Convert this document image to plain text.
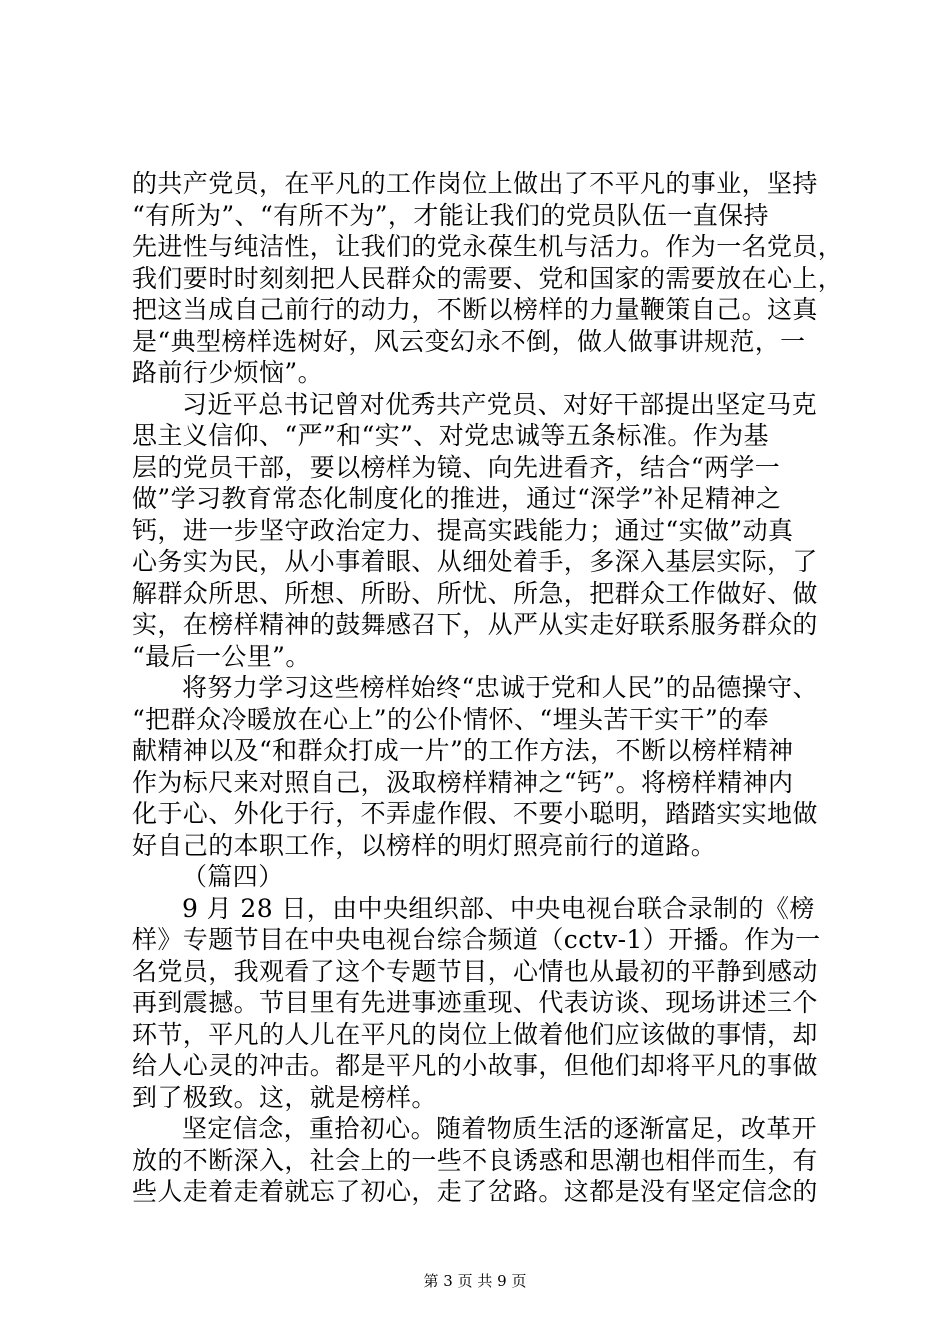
的共产党员，在平凡的工作岗位上做出了不平凡的事业，坚持
“有所为”、“有所不为”，才能让我们的党员队伍一直保持
先进性与纯洁性，让我们的党永葆生机与活力。作为一名党员，
我们要时时刻刻把人民群众的需要、党和国家的需要放在心上，
把这当成自己前行的动力，不断以榜样的力量鞭策自己。这真
是“典型榜样选树好，风云变幻永不倒，做人做事讲规范，一
路前行少烦恼”。
习近平总书记曾对优秀共产党员、对好干部提出坚定马克
思主义信仰、“严”和“实”、对党忠诚等五条标准。作为基
层的党员干部，要以榜样为镜、向先进看齐，结合“两学一
做”学习教育常态化制度化的推进，通过“深学”补足精神之
钙，进一步坚守政治定力、提高实践能力；通过“实做”动真
心务实为民，从小事着眼、从细处着手，多深入基层实际，了
解群众所思、所想、所盼、所忧、所急，把群众工作做好、做
实，在榜样精神的鼓舞感召下，从严从实走好联系服务群众的
“最后一公里”。
将努力学习这些榜样始终“忠诚于党和人民”的品德操守、
“把群众冷暖放在心上”的公仆情怀、“埋头苦干实干”的奉
献精神以及“和群众打成一片”的工作方法，不断以榜样精神
作为标尺来对照自己，汲取榜样精神之“钙”。将榜样精神内
化于心、外化于行，不弄虚作假、不要小聪明，踏踏实实地做
好自己的本职工作，以榜样的明灯照亮前行的道路。
（篇四）
9 月 28 日，由中央组织部、中央电视台联合录制的《榜
样》专题节目在中央电视台综合频道（cctv-1）开播。作为一
名党员，我观看了这个专题节目，心情也从最初的平静到感动
再到震撼。节目里有先进事迹重现、代表访谈、现场讲述三个
环节，平凡的人儿在平凡的岗位上做着他们应该做的事情，却
给人心灵的冲击。都是平凡的小故事，但他们却将平凡的事做
到了极致。这，就是榜样。
坚定信念，重拾初心。随着物质生活的逐渐富足，改革开
放的不断深入，社会上的一些不良诱惑和思潮也相伴而生，有
些人走着走着就忘了初心，走了岔路。这都是没有坚定信念的
第 3 页 共 9 页
